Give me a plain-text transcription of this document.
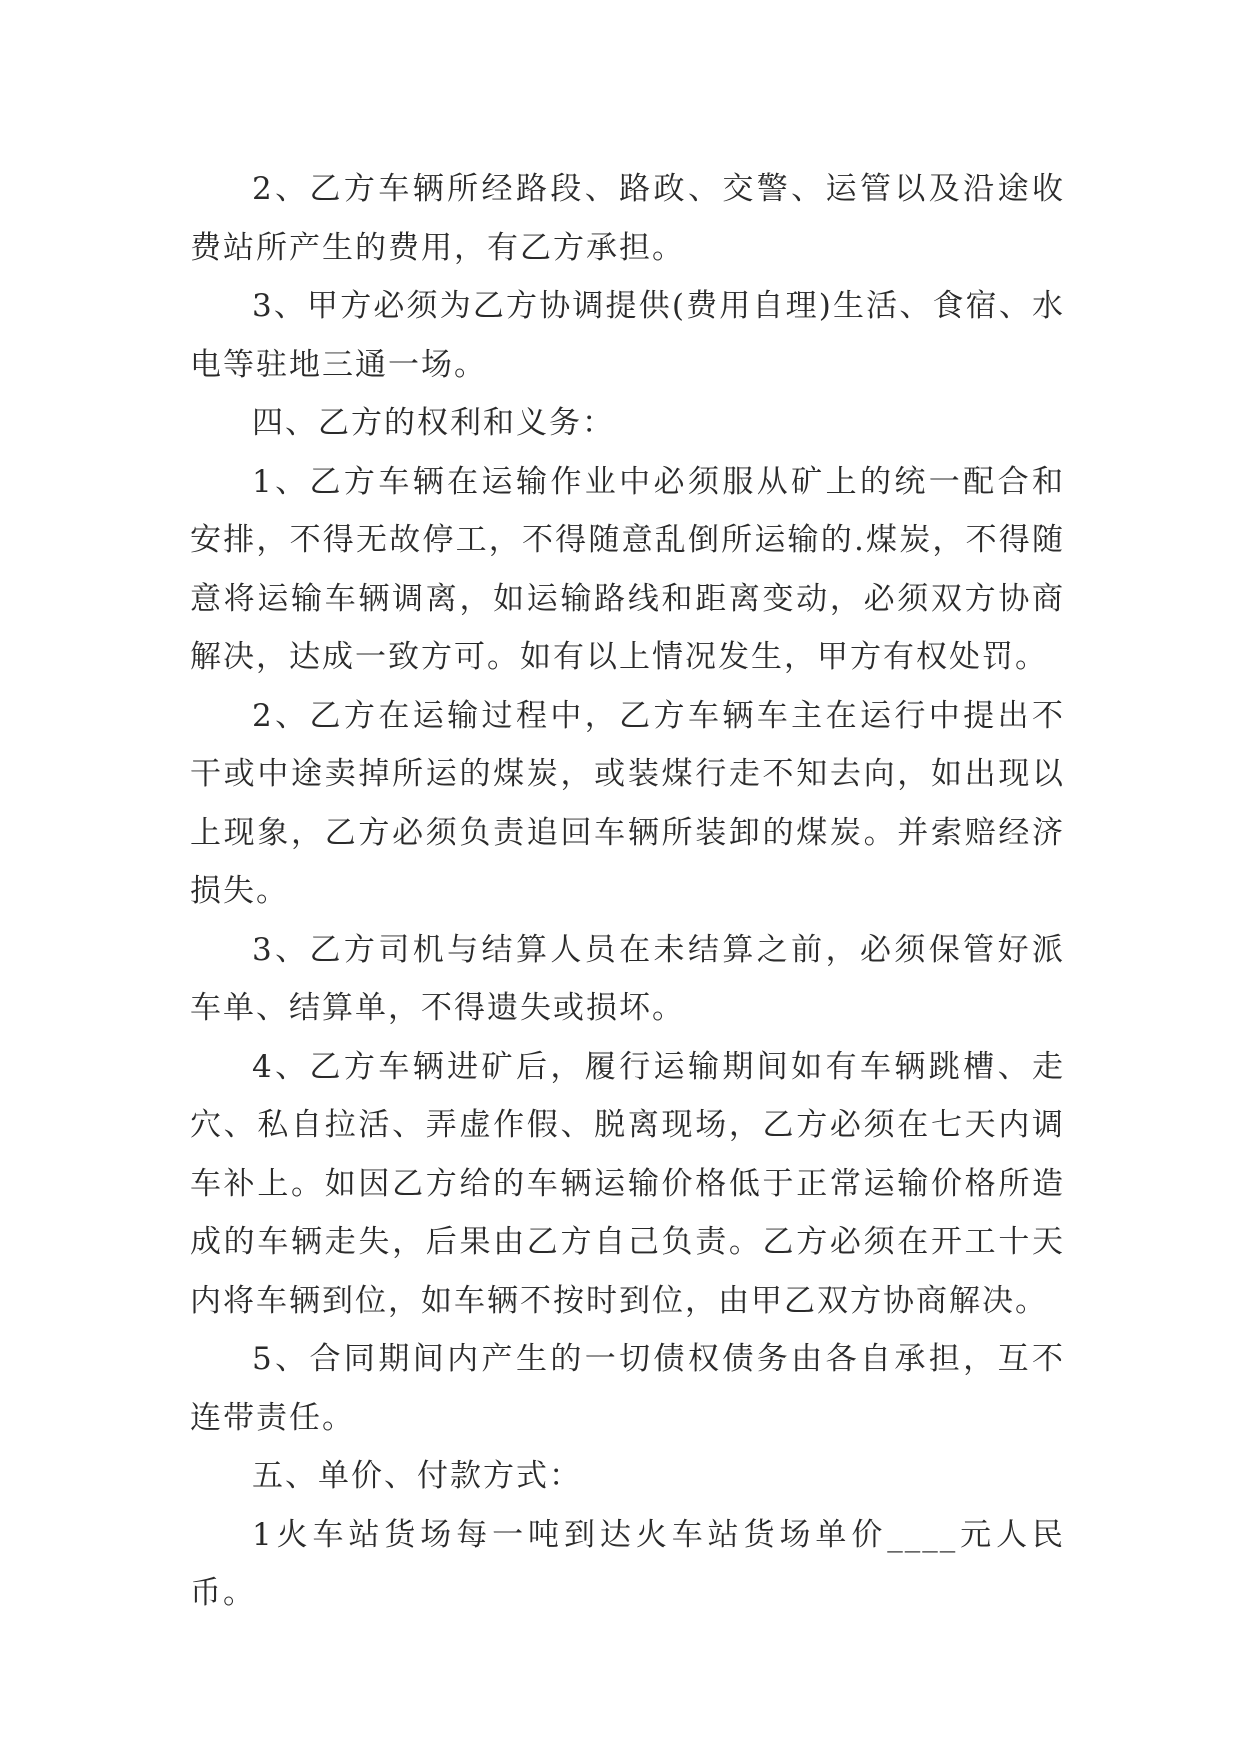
2、乙方车辆所经路段、路政、交警、运管以及沿途收费站所产生的费用，有乙方承担。

3、甲方必须为乙方协调提供(费用自理)生活、食宿、水电等驻地三通一场。

四、乙方的权利和义务：

1、乙方车辆在运输作业中必须服从矿上的统一配合和安排，不得无故停工，不得随意乱倒所运输的.煤炭，不得随意将运输车辆调离，如运输路线和距离变动，必须双方协商解决，达成一致方可。如有以上情况发生，甲方有权处罚。

2、乙方在运输过程中，乙方车辆车主在运行中提出不干或中途卖掉所运的煤炭，或装煤行走不知去向，如出现以上现象，乙方必须负责追回车辆所装卸的煤炭。并索赔经济损失。

3、乙方司机与结算人员在未结算之前，必须保管好派车单、结算单，不得遗失或损坏。

4、乙方车辆进矿后，履行运输期间如有车辆跳槽、走穴、私自拉活、弄虚作假、脱离现场，乙方必须在七天内调车补上。如因乙方给的车辆运输价格低于正常运输价格所造成的车辆走失，后果由乙方自己负责。乙方必须在开工十天内将车辆到位，如车辆不按时到位，由甲乙双方协商解决。

5、合同期间内产生的一切债权债务由各自承担，互不连带责任。

五、单价、付款方式：

1火车站货场每一吨到达火车站货场单价____元人民币。
